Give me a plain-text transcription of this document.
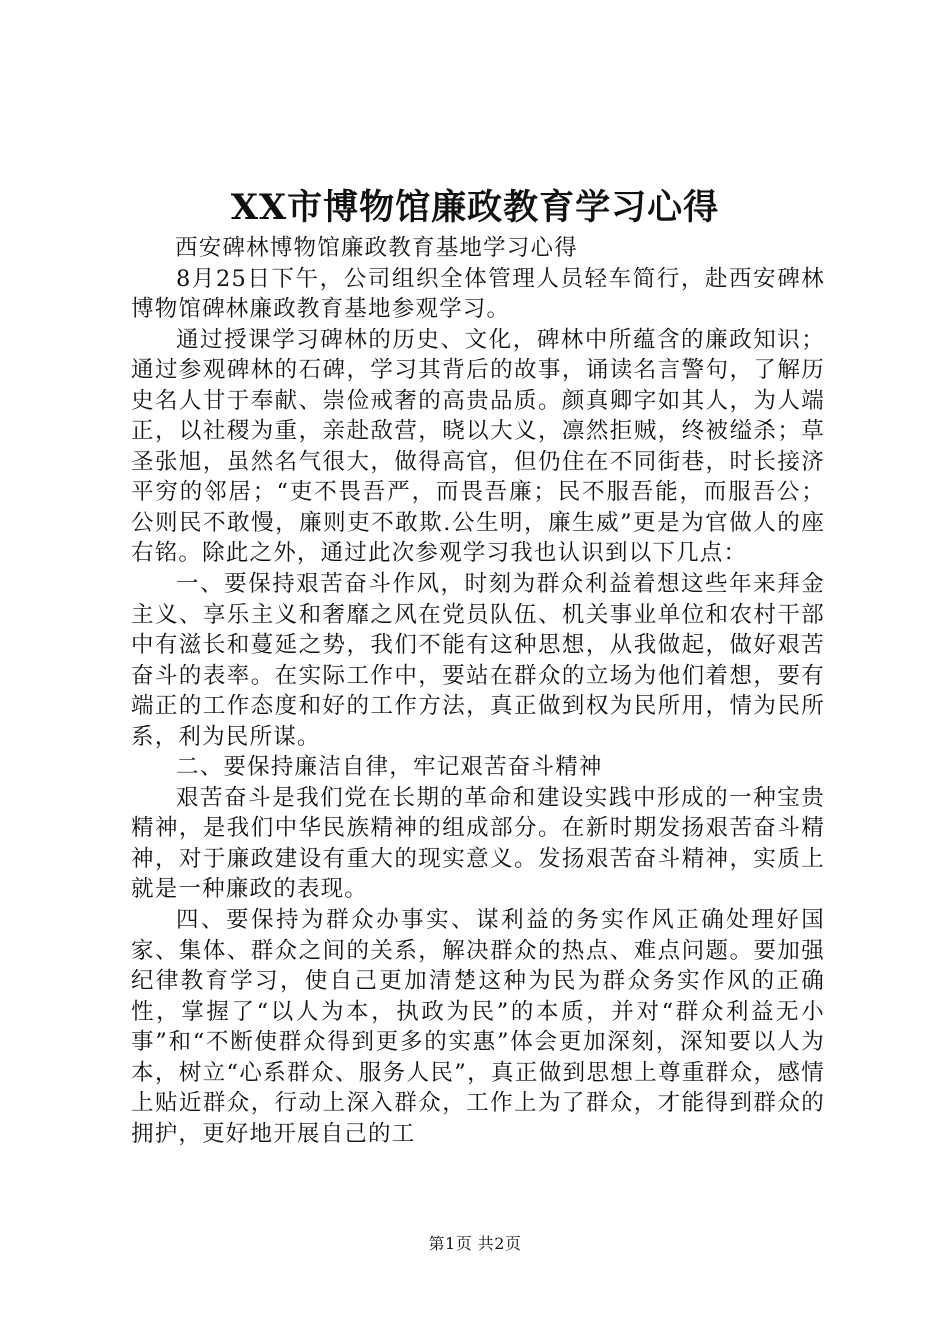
XX市博物馆廉政教育学习心得

西安碑林博物馆廉政教育基地学习心得

8月25日下午，公司组织全体管理人员轻车简行，赴西安碑林博物馆碑林廉政教育基地参观学习。

通过授课学习碑林的历史、文化，碑林中所蕴含的廉政知识；通过参观碑林的石碑，学习其背后的故事，诵读名言警句，了解历史名人甘于奉献、崇俭戒奢的高贵品质。颜真卿字如其人，为人端正，以社稷为重，亲赴敌营，晓以大义，凛然拒贼，终被缢杀；草圣张旭，虽然名气很大，做得高官，但仍住在不同街巷，时长接济平穷的邻居；“吏不畏吾严，而畏吾廉；民不服吾能，而服吾公；公则民不敢慢，廉则吏不敢欺.公生明，廉生威”更是为官做人的座右铭。除此之外，通过此次参观学习我也认识到以下几点：

一、要保持艰苦奋斗作风，时刻为群众利益着想这些年来拜金主义、享乐主义和奢靡之风在党员队伍、机关事业单位和农村干部中有滋长和蔓延之势，我们不能有这种思想，从我做起，做好艰苦奋斗的表率。在实际工作中，要站在群众的立场为他们着想，要有端正的工作态度和好的工作方法，真正做到权为民所用，情为民所系，利为民所谋。

二、要保持廉洁自律，牢记艰苦奋斗精神

艰苦奋斗是我们党在长期的革命和建设实践中形成的一种宝贵精神，是我们中华民族精神的组成部分。在新时期发扬艰苦奋斗精神，对于廉政建设有重大的现实意义。发扬艰苦奋斗精神，实质上就是一种廉政的表现。

四、要保持为群众办事实、谋利益的务实作风正确处理好国家、集体、群众之间的关系，解决群众的热点、难点问题。要加强纪律教育学习，使自己更加清楚这种为民为群众务实作风的正确性，掌握了“以人为本，执政为民”的本质，并对“群众利益无小事”和“不断使群众得到更多的实惠”体会更加深刻，深知要以人为本，树立“心系群众、服务人民”，真正做到思想上尊重群众，感情上贴近群众，行动上深入群众，工作上为了群众，才能得到群众的拥护，更好地开展自己的工

第1页 共2页
